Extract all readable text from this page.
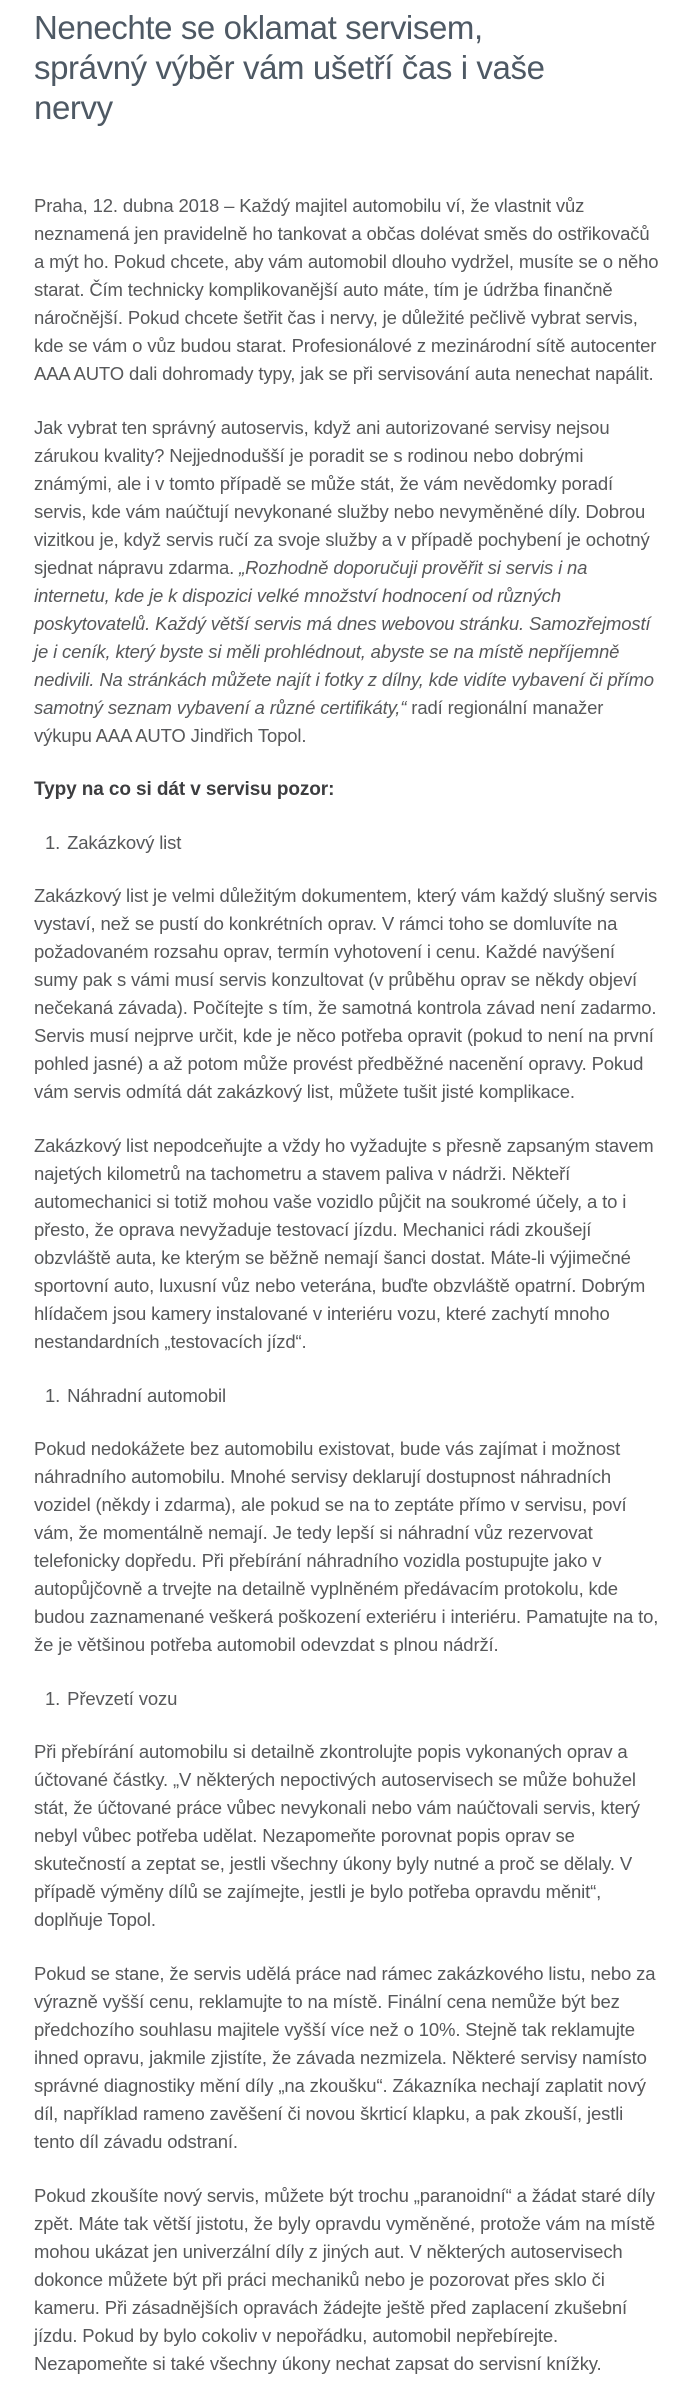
Nenechte se oklamat servisem, správný výběr vám ušetří čas i vaše nervy

Praha, 12. dubna 2018 – Každý majitel automobilu ví, že vlastnit vůz neznamená jen pravidelně ho tankovat a občas dolévat směs do ostřikovačů a mýt ho. Pokud chcete, aby vám automobil dlouho vydržel, musíte se o něho starat. Čím technicky komplikovanější auto máte, tím je údržba finančně náročnější. Pokud chcete šetřit čas i nervy, je důležité pečlivě vybrat servis, kde se vám o vůz budou starat. Profesionálové z mezinárodní sítě autocenter AAA AUTO dali dohromady typy, jak se při servisování auta nenechat napálit.

Jak vybrat ten správný autoservis, když ani autorizované servisy nejsou zárukou kvality? Nejjednodušší je poradit se s rodinou nebo dobrými známými, ale i v tomto případě se může stát, že vám nevědomky poradí servis, kde vám naúčtují nevykonané služby nebo nevyměněné díly. Dobrou vizitkou je, když servis ručí za svoje služby a v případě pochybení je ochotný sjednat nápravu zdarma. „Rozhodně doporučuji prověřit si servis i na internetu, kde je k dispozici velké množství hodnocení od různých poskytovatelů. Každý větší servis má dnes webovou stránku. Samozřejmostí je i ceník, který byste si měli prohlédnout, abyste se na místě nepříjemně nedivili. Na stránkách můžete najít i fotky z dílny, kde vidíte vybavení či přímo samotný seznam vybavení a různé certifikáty,“ radí regionální manažer výkupu AAA AUTO Jindřich Topol.

Typy na co si dát v servisu pozor:
1. Zakázkový list

Zakázkový list je velmi důležitým dokumentem, který vám každý slušný servis vystaví, než se pustí do konkrétních oprav. V rámci toho se domluvíte na požadovaném rozsahu oprav, termín vyhotovení i cenu. Každé navýšení sumy pak s vámi musí servis konzultovat (v průběhu oprav se někdy objeví nečekaná závada). Počítejte s tím, že samotná kontrola závad není zadarmo. Servis musí nejprve určit, kde je něco potřeba opravit (pokud to není na první pohled jasné) a až potom může provést předběžné nacenění opravy. Pokud vám servis odmítá dát zakázkový list, můžete tušit jisté komplikace.

Zakázkový list nepodceňujte a vždy ho vyžadujte s přesně zapsaným stavem najetých kilometrů na tachometru a stavem paliva v nádrži. Někteří automechanici si totiž mohou vaše vozidlo půjčit na soukromé účely, a to i přesto, že oprava nevyžaduje testovací jízdu. Mechanici rádi zkoušejí obzvláště auta, ke kterým se běžně nemají šanci dostat. Máte-li výjimečné sportovní auto, luxusní vůz nebo veterána, buďte obzvláště opatrní. Dobrým hlídačem jsou kamery instalované v interiéru vozu, které zachytí mnoho nestandardních „testovacích jízd“.

1. Náhradní automobil

Pokud nedokážete bez automobilu existovat, bude vás zajímat i možnost náhradního automobilu. Mnohé servisy deklarují dostupnost náhradních vozidel (někdy i zdarma), ale pokud se na to zeptáte přímo v servisu, poví vám, že momentálně nemají. Je tedy lepší si náhradní vůz rezervovat telefonicky dopředu. Při přebírání náhradního vozidla postupujte jako v autopůjčovně a trvejte na detailně vyplněném předávacím protokolu, kde budou zaznamenané veškerá poškození exteriéru i interiéru. Pamatujte na to, že je většinou potřeba automobil odevzdat s plnou nádrží.

1. Převzetí vozu

Při přebírání automobilu si detailně zkontrolujte popis vykonaných oprav a účtované částky. „V některých nepoctivých autoservisech se může bohužel stát, že účtované práce vůbec nevykonali nebo vám naúčtovali servis, který nebyl vůbec potřeba udělat. Nezapomeňte porovnat popis oprav se skutečností a zeptat se, jestli všechny úkony byly nutné a proč se dělaly. V případě výměny dílů se zajímejte, jestli je bylo potřeba opravdu měnit“, doplňuje Topol.

Pokud se stane, že servis udělá práce nad rámec zakázkového listu, nebo za výrazně vyšší cenu, reklamujte to na místě. Finální cena nemůže být bez předchozího souhlasu majitele vyšší více než o 10%. Stejně tak reklamujte ihned opravu, jakmile zjistíte, že závada nezmizela. Některé servisy namísto správné diagnostiky mění díly „na zkoušku“. Zákazníka nechají zaplatit nový díl, například rameno zavěšení či novou škrticí klapku, a pak zkouší, jestli tento díl závadu odstraní.

Pokud zkoušíte nový servis, můžete být trochu „paranoidní“ a žádat staré díly zpět. Máte tak větší jistotu, že byly opravdu vyměněné, protože vám na místě mohou ukázat jen univerzální díly z jiných aut. V některých autoservisech dokonce můžete být při práci mechaniků nebo je pozorovat přes sklo či kameru. Při zásadnějších opravách žádejte ještě před zaplacení zkušební jízdu. Pokud by bylo cokoliv v nepořádku, automobil nepřebírejte. Nezapomeňte si také všechny úkony nechat zapsat do servisní knížky.
